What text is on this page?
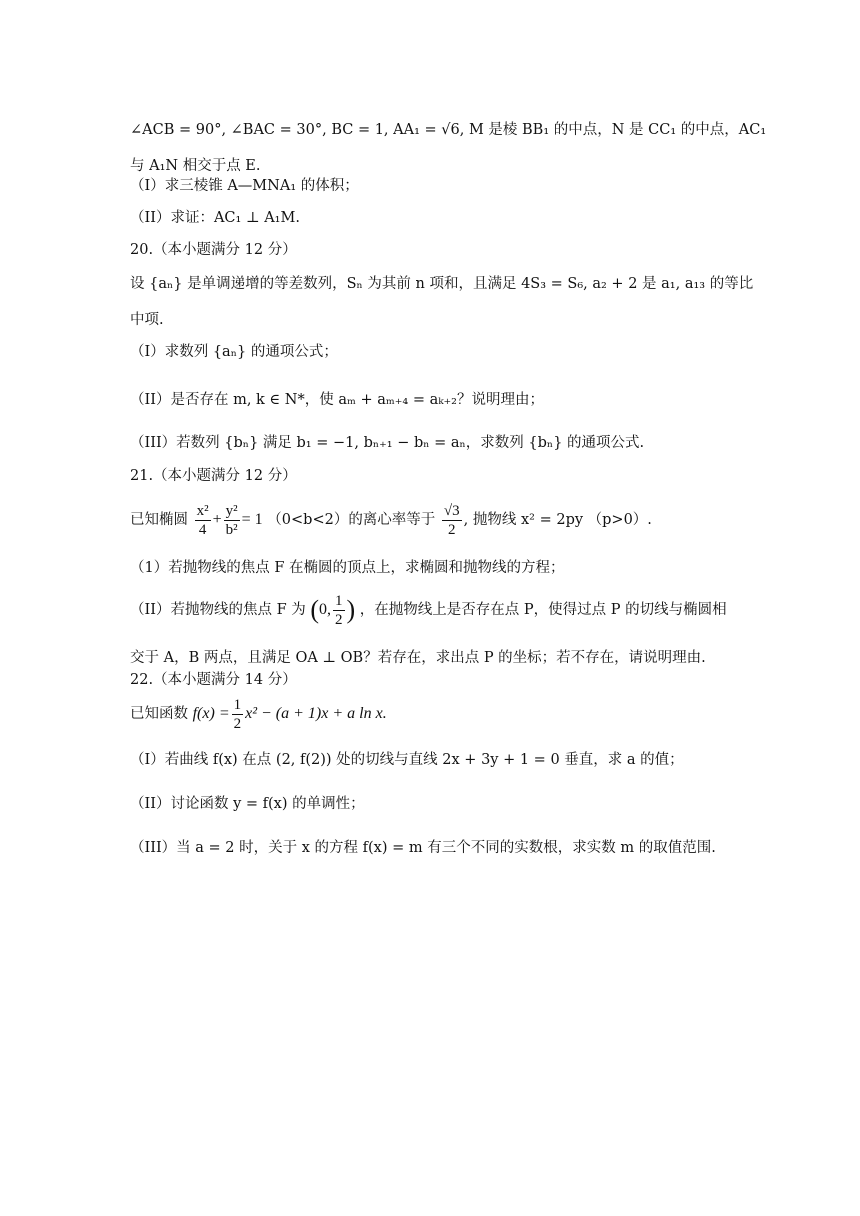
∠ACB = 90°, ∠BAC = 30°, BC = 1, AA₁ = √6, M 是棱 BB₁ 的中点，N 是 CC₁ 的中点，AC₁
与 A₁N 相交于点 E.
（I）求三棱锥 A—MNA₁ 的体积；
（II）求证：AC₁ ⊥ A₁M.
20.（本小题满分 12 分）
设 {aₙ} 是单调递增的等差数列，Sₙ 为其前 n 项和，且满足 4S₃ = S₆, a₂ + 2 是 a₁, a₁₃ 的等比
中项.
（I）求数列 {aₙ} 的通项公式；
（II）是否存在 m, k ∈ N*，使 aₘ + aₘ₊₄ = aₖ₊₂？说明理由；
（III）若数列 {bₙ} 满足 b₁ = −1, bₙ₊₁ − bₙ = aₙ，求数列 {bₙ} 的通项公式.
21.（本小题满分 12 分）
已知椭圆 $\frac{\text{x²}}{4} + \frac{\text{y²}}{\text{b²}} = 1$ （0<b<2）的离心率等于 $\frac{√3}{2}$ , 抛物线 x² = 2py （p>0）.
（1）若抛物线的焦点 F 在椭圆的顶点上，求椭圆和抛物线的方程；
（II）若抛物线的焦点 F 为 (0, $\frac{1}{2}$ ) ，在抛物线上是否存在点 P，使得过点 P 的切线与椭圆相
交于 A，B 两点，且满足 OA ⊥ OB？若存在，求出点 P 的坐标；若不存在，请说明理由.
22.（本小题满分 14 分）
已知函数 $f(x) = \frac{1}{2} x^2 - (a + 1)x + a$ ln x.
（I）若曲线 f(x) 在点 (2, f(2)) 处的切线与直线 2x + 3y + 1 = 0 垂直，求 a 的值；
（II）讨论函数 y = f(x) 的单调性；
（III）当 a = 2 时，关于 x 的方程 f(x) = m 有三个不同的实数根，求实数 m 的取值范围.
